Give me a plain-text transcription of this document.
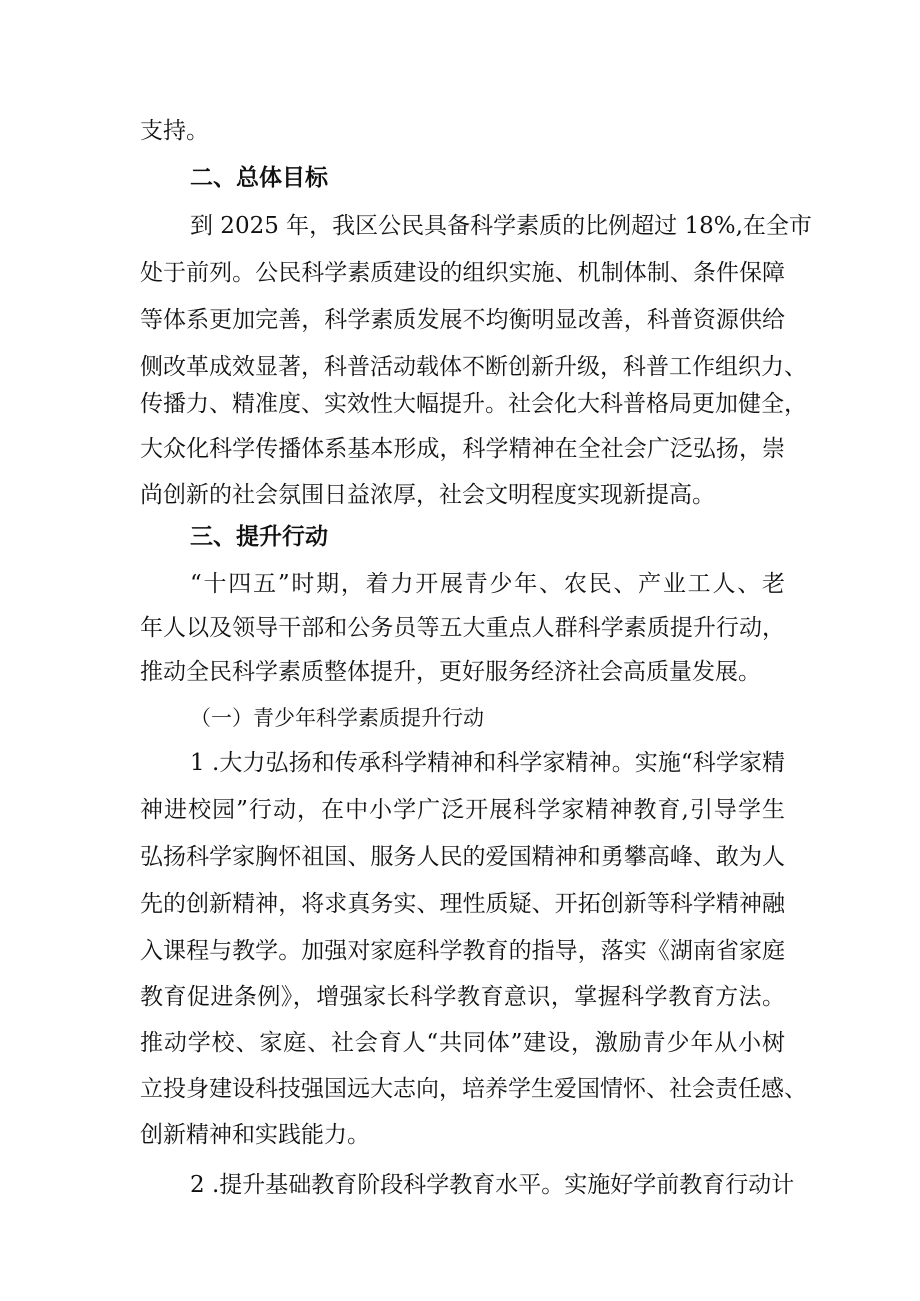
支持。
二、总体目标
到 2025 年，我区公民具备科学素质的比例超过 18%,在全市
处于前列。公民科学素质建设的组织实施、机制体制、条件保障
等体系更加完善，科学素质发展不均衡明显改善，科普资源供给
侧改革成效显著，科普活动载体不断创新升级，科普工作组织力、
传播力、精准度、实效性大幅提升。社会化大科普格局更加健全，
大众化科学传播体系基本形成，科学精神在全社会广泛弘扬，崇
尚创新的社会氛围日益浓厚，社会文明程度实现新提高。
三、提升行动
“十四五”时期，着力开展青少年、农民、产业工人、老
年人以及领导干部和公务员等五大重点人群科学素质提升行动，
推动全民科学素质整体提升，更好服务经济社会高质量发展。
（一）青少年科学素质提升行动
1 .大力弘扬和传承科学精神和科学家精神。实施“科学家精
神进校园”行动，在中小学广泛开展科学家精神教育,引导学生
弘扬科学家胸怀祖国、服务人民的爱国精神和勇攀高峰、敢为人
先的创新精神，将求真务实、理性质疑、开拓创新等科学精神融
入课程与教学。加强对家庭科学教育的指导，落实《湖南省家庭
教育促进条例》，增强家长科学教育意识，掌握科学教育方法。
推动学校、家庭、社会育人“共同体”建设，激励青少年从小树
立投身建设科技强国远大志向，培养学生爱国情怀、社会责任感、
创新精神和实践能力。
2 .提升基础教育阶段科学教育水平。实施好学前教育行动计
